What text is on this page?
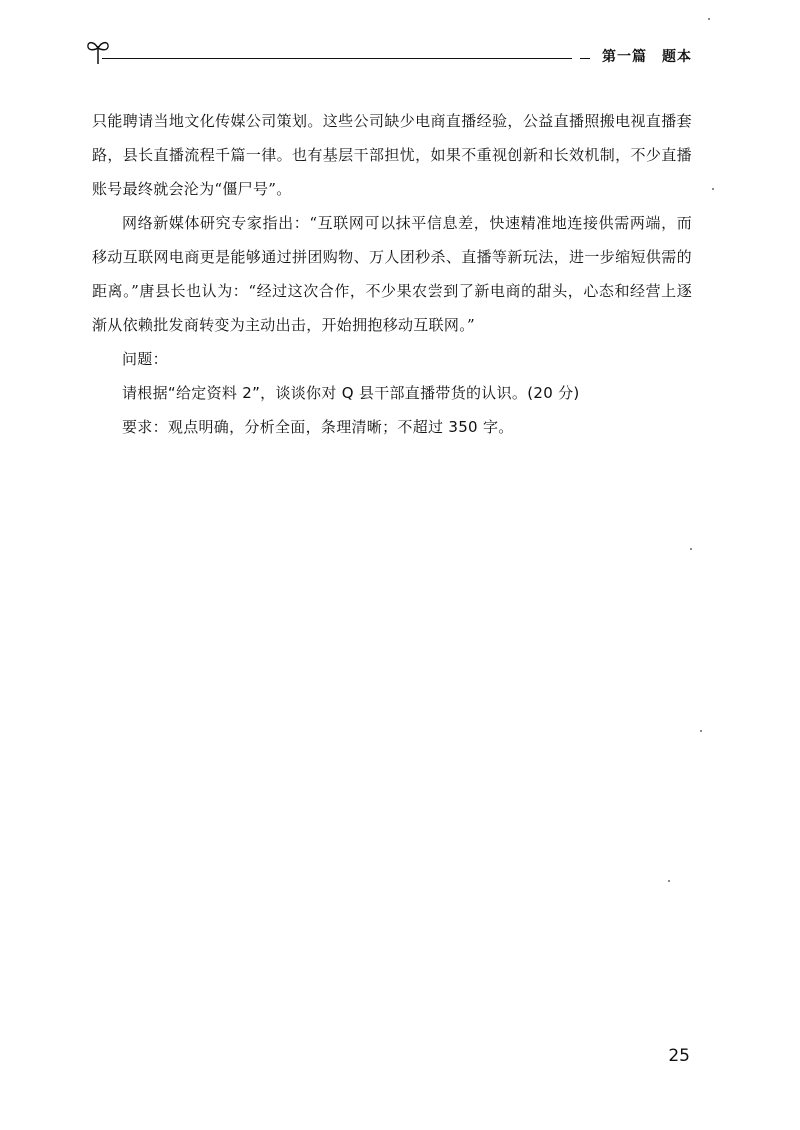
第一篇　题本

只能聘请当地文化传媒公司策划。这些公司缺少电商直播经验，公益直播照搬电视直播套路，县长直播流程千篇一律。也有基层干部担忧，如果不重视创新和长效机制，不少直播账号最终就会沦为“僵尸号”。

网络新媒体研究专家指出：“互联网可以抹平信息差，快速精准地连接供需两端，而移动互联网电商更是能够通过拼团购物、万人团秒杀、直播等新玩法，进一步缩短供需的距离。”唐县长也认为：“经过这次合作，不少果农尝到了新电商的甜头，心态和经营上逐渐从依赖批发商转变为主动出击，开始拥抱移动互联网。”

问题：

请根据“给定资料 2”，谈谈你对 Q 县干部直播带货的认识。(20 分)

要求：观点明确，分析全面，条理清晰；不超过 350 字。

25
